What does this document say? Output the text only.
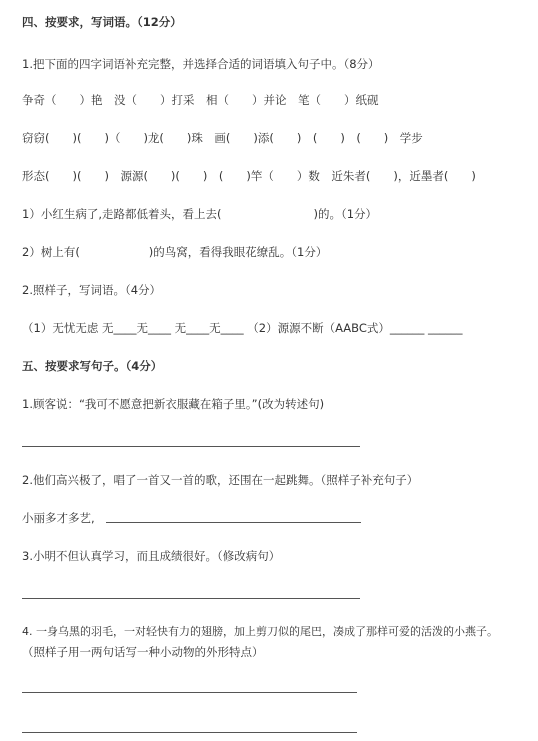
四、按要求，写词语。（12分）
1.把下面的四字词语补充完整，并选择合适的词语填入句子中。（8分）
争奇（　　）艳　没（　　）打采　相（　　）并论　笔（　　）纸砚
窃窃(　　)(　　)（　　)龙(　　)珠　画(　　)添(　　)　(　　)　(　　)　学步
形态(　　)(　　)　源源(　　)(　　)　(　　)竿（　　）数　近朱者(　　)，近墨者(　　)
1）小红生病了,走路都低着头，看上去(　　　　　　　　)的。（1分）
2）树上有(　　　　　　)的鸟窝，看得我眼花缭乱。（1分）
2.照样子，写词语。（4分）
（1）无忧无虑 无____无____ 无____无____ （2）源源不断（AABC式）______ ______
五、按要求写句子。（4分）
1.顾客说：“我可不愿意把新衣服藏在箱子里。”(改为转述句)
2.他们高兴极了，唱了一首又一首的歌，还围在一起跳舞。（照样子补充句子）
小丽多才多艺,
3.小明不但认真学习，而且成绩很好。（修改病句）
4. 一身乌黑的羽毛，一对轻快有力的翅膀，加上剪刀似的尾巴，凑成了那样可爱的活泼的小燕子。
（照样子用一两句话写一种小动物的外形特点）
